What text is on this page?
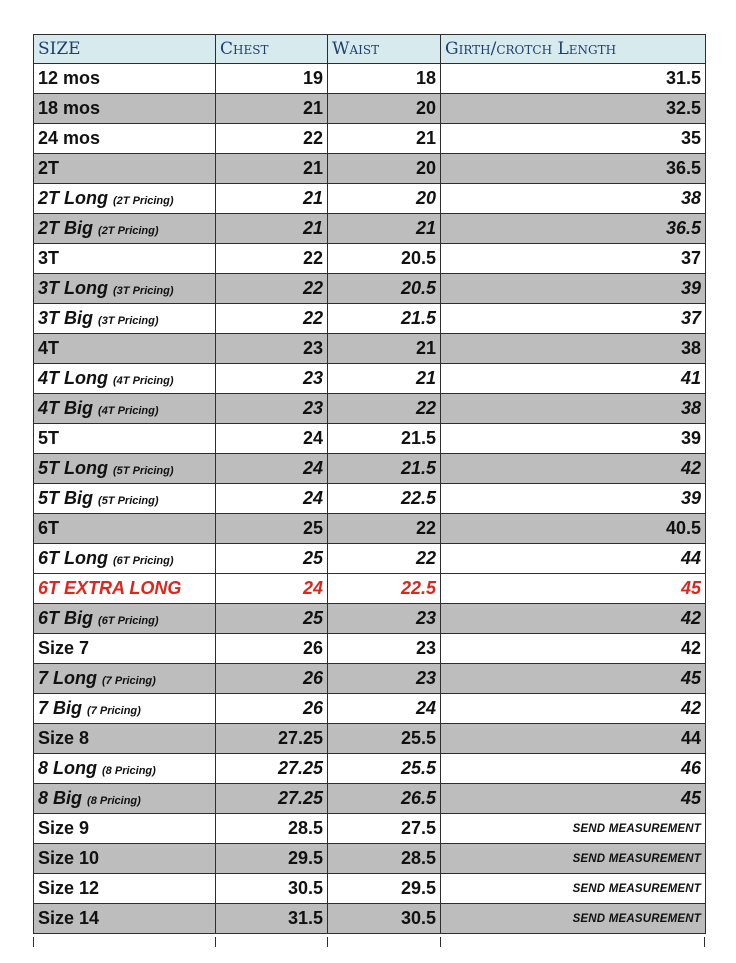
SIZE	Chest	Waist	Girth/crotch Length
12 mos	19	18	31.5
18 mos	21	20	32.5
24 mos	22	21	35
2T	21	20	36.5
2T Long (2T Pricing)	21	20	38
2T Big (2T Pricing)	21	21	36.5
3T	22	20.5	37
3T Long (3T Pricing)	22	20.5	39
3T Big (3T Pricing)	22	21.5	37
4T	23	21	38
4T Long (4T Pricing)	23	21	41
4T Big (4T Pricing)	23	22	38
5T	24	21.5	39
5T Long (5T Pricing)	24	21.5	42
5T Big (5T Pricing)	24	22.5	39
6T	25	22	40.5
6T Long (6T Pricing)	25	22	44
6T EXTRA LONG	24	22.5	45
6T Big (6T Pricing)	25	23	42
Size 7	26	23	42
7 Long (7 Pricing)	26	23	45
7 Big (7 Pricing)	26	24	42
Size 8	27.25	25.5	44
8 Long (8 Pricing)	27.25	25.5	46
8 Big (8 Pricing)	27.25	26.5	45
Size 9	28.5	27.5	SEND MEASUREMENT
Size 10	29.5	28.5	SEND MEASUREMENT
Size 12	30.5	29.5	SEND MEASUREMENT
Size 14	31.5	30.5	SEND MEASUREMENT
